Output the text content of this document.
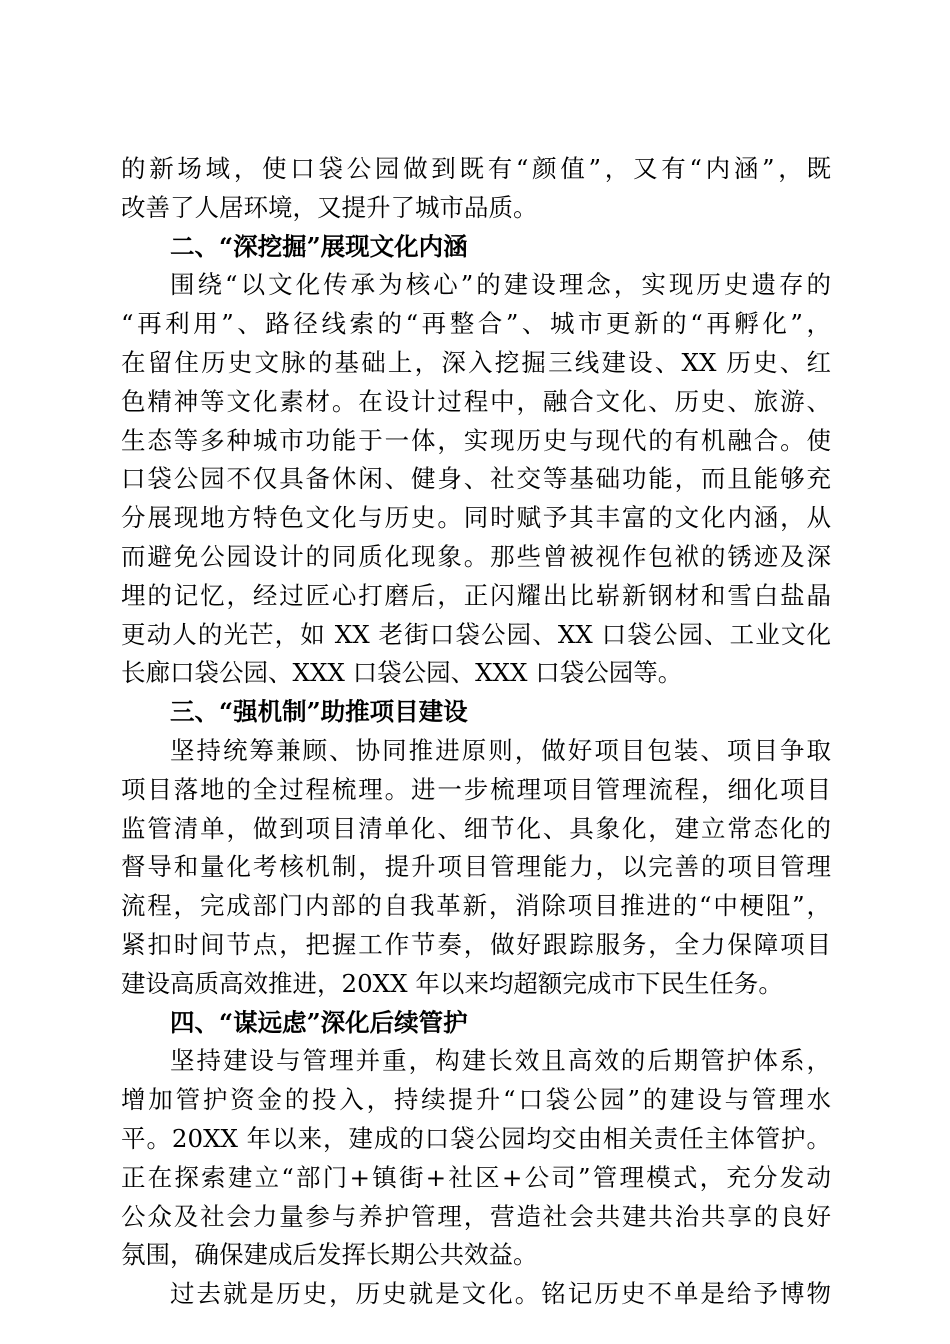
的新场域，使口袋公园做到既有“颜值”，又有“内涵”，既
改善了人居环境，又提升了城市品质。
二、“深挖掘”展现文化内涵
围绕“以文化传承为核心”的建设理念，实现历史遗存的
“再利用”、路径线索的“再整合”、城市更新的“再孵化”，
在留住历史文脉的基础上，深入挖掘三线建设、XX 历史、红
色精神等文化素材。在设计过程中，融合文化、历史、旅游、
生态等多种城市功能于一体，实现历史与现代的有机融合。使
口袋公园不仅具备休闲、健身、社交等基础功能，而且能够充
分展现地方特色文化与历史。同时赋予其丰富的文化内涵，从
而避免公园设计的同质化现象。那些曾被视作包袱的锈迹及深
埋的记忆，经过匠心打磨后，正闪耀出比崭新钢材和雪白盐晶
更动人的光芒，如 XX 老街口袋公园、XX 口袋公园、工业文化
长廊口袋公园、XXX 口袋公园、XXX 口袋公园等。
三、“强机制”助推项目建设
坚持统筹兼顾、协同推进原则，做好项目包装、项目争取
项目落地的全过程梳理。进一步梳理项目管理流程，细化项目
监管清单，做到项目清单化、细节化、具象化，建立常态化的
督导和量化考核机制，提升项目管理能力，以完善的项目管理
流程，完成部门内部的自我革新，消除项目推进的“中梗阻”，
紧扣时间节点，把握工作节奏，做好跟踪服务，全力保障项目
建设高质高效推进，20XX 年以来均超额完成市下民生任务。
四、“谋远虑”深化后续管护
坚持建设与管理并重，构建长效且高效的后期管护体系，
增加管护资金的投入，持续提升“口袋公园”的建设与管理水
平。20XX 年以来，建成的口袋公园均交由相关责任主体管护。
正在探索建立“部门+镇街+社区+公司”管理模式，充分发动
公众及社会力量参与养护管理，营造社会共建共治共享的良好
氛围，确保建成后发挥长期公共效益。
过去就是历史，历史就是文化。铭记历史不单是给予博物
